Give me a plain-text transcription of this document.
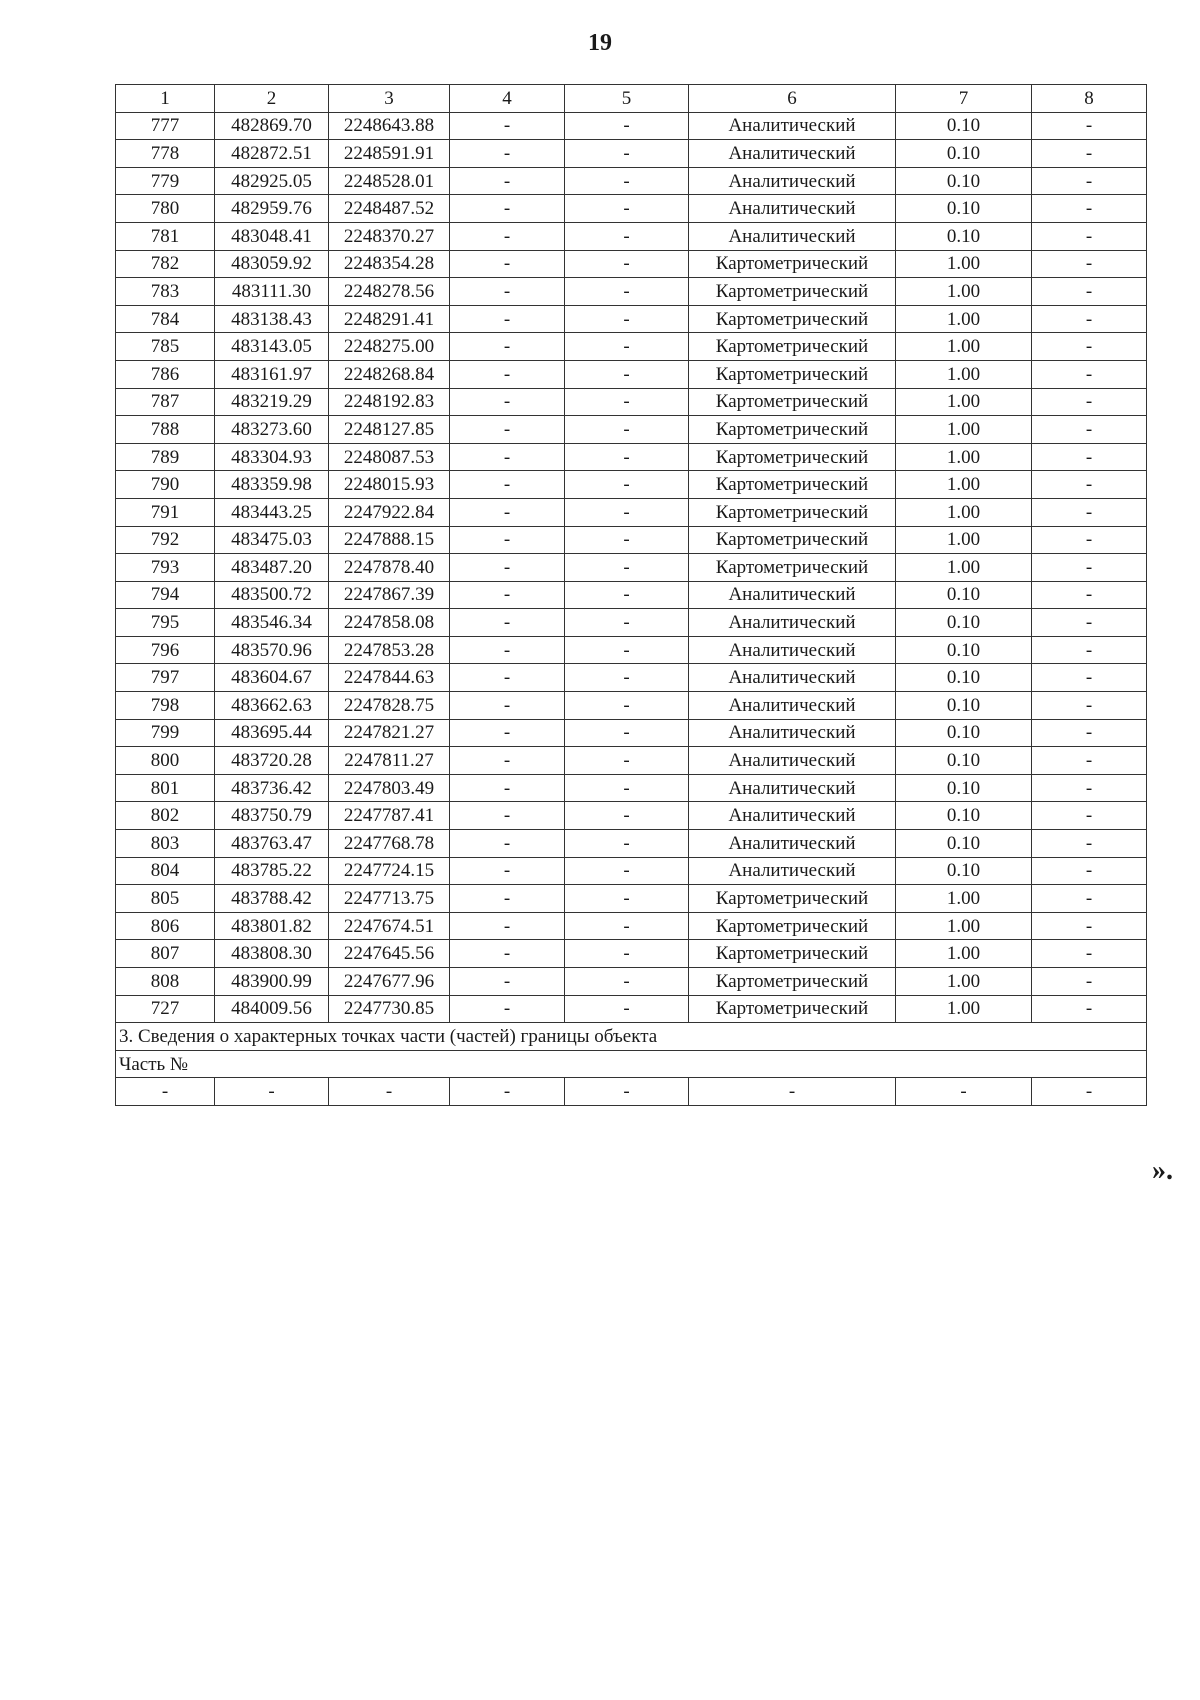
19
1	2	3	4	5	6	7	8
777	482869.70	2248643.88	-	-	Аналитический	0.10	-
778	482872.51	2248591.91	-	-	Аналитический	0.10	-
779	482925.05	2248528.01	-	-	Аналитический	0.10	-
780	482959.76	2248487.52	-	-	Аналитический	0.10	-
781	483048.41	2248370.27	-	-	Аналитический	0.10	-
782	483059.92	2248354.28	-	-	Картометрический	1.00	-
783	483111.30	2248278.56	-	-	Картометрический	1.00	-
784	483138.43	2248291.41	-	-	Картометрический	1.00	-
785	483143.05	2248275.00	-	-	Картометрический	1.00	-
786	483161.97	2248268.84	-	-	Картометрический	1.00	-
787	483219.29	2248192.83	-	-	Картометрический	1.00	-
788	483273.60	2248127.85	-	-	Картометрический	1.00	-
789	483304.93	2248087.53	-	-	Картометрический	1.00	-
790	483359.98	2248015.93	-	-	Картометрический	1.00	-
791	483443.25	2247922.84	-	-	Картометрический	1.00	-
792	483475.03	2247888.15	-	-	Картометрический	1.00	-
793	483487.20	2247878.40	-	-	Картометрический	1.00	-
794	483500.72	2247867.39	-	-	Аналитический	0.10	-
795	483546.34	2247858.08	-	-	Аналитический	0.10	-
796	483570.96	2247853.28	-	-	Аналитический	0.10	-
797	483604.67	2247844.63	-	-	Аналитический	0.10	-
798	483662.63	2247828.75	-	-	Аналитический	0.10	-
799	483695.44	2247821.27	-	-	Аналитический	0.10	-
800	483720.28	2247811.27	-	-	Аналитический	0.10	-
801	483736.42	2247803.49	-	-	Аналитический	0.10	-
802	483750.79	2247787.41	-	-	Аналитический	0.10	-
803	483763.47	2247768.78	-	-	Аналитический	0.10	-
804	483785.22	2247724.15	-	-	Аналитический	0.10	-
805	483788.42	2247713.75	-	-	Картометрический	1.00	-
806	483801.82	2247674.51	-	-	Картометрический	1.00	-
807	483808.30	2247645.56	-	-	Картометрический	1.00	-
808	483900.99	2247677.96	-	-	Картометрический	1.00	-
727	484009.56	2247730.85	-	-	Картометрический	1.00	-
3. Сведения о характерных точках части (частей) границы объекта							
Часть №							
-	-	-	-	-	-	-	-
».
